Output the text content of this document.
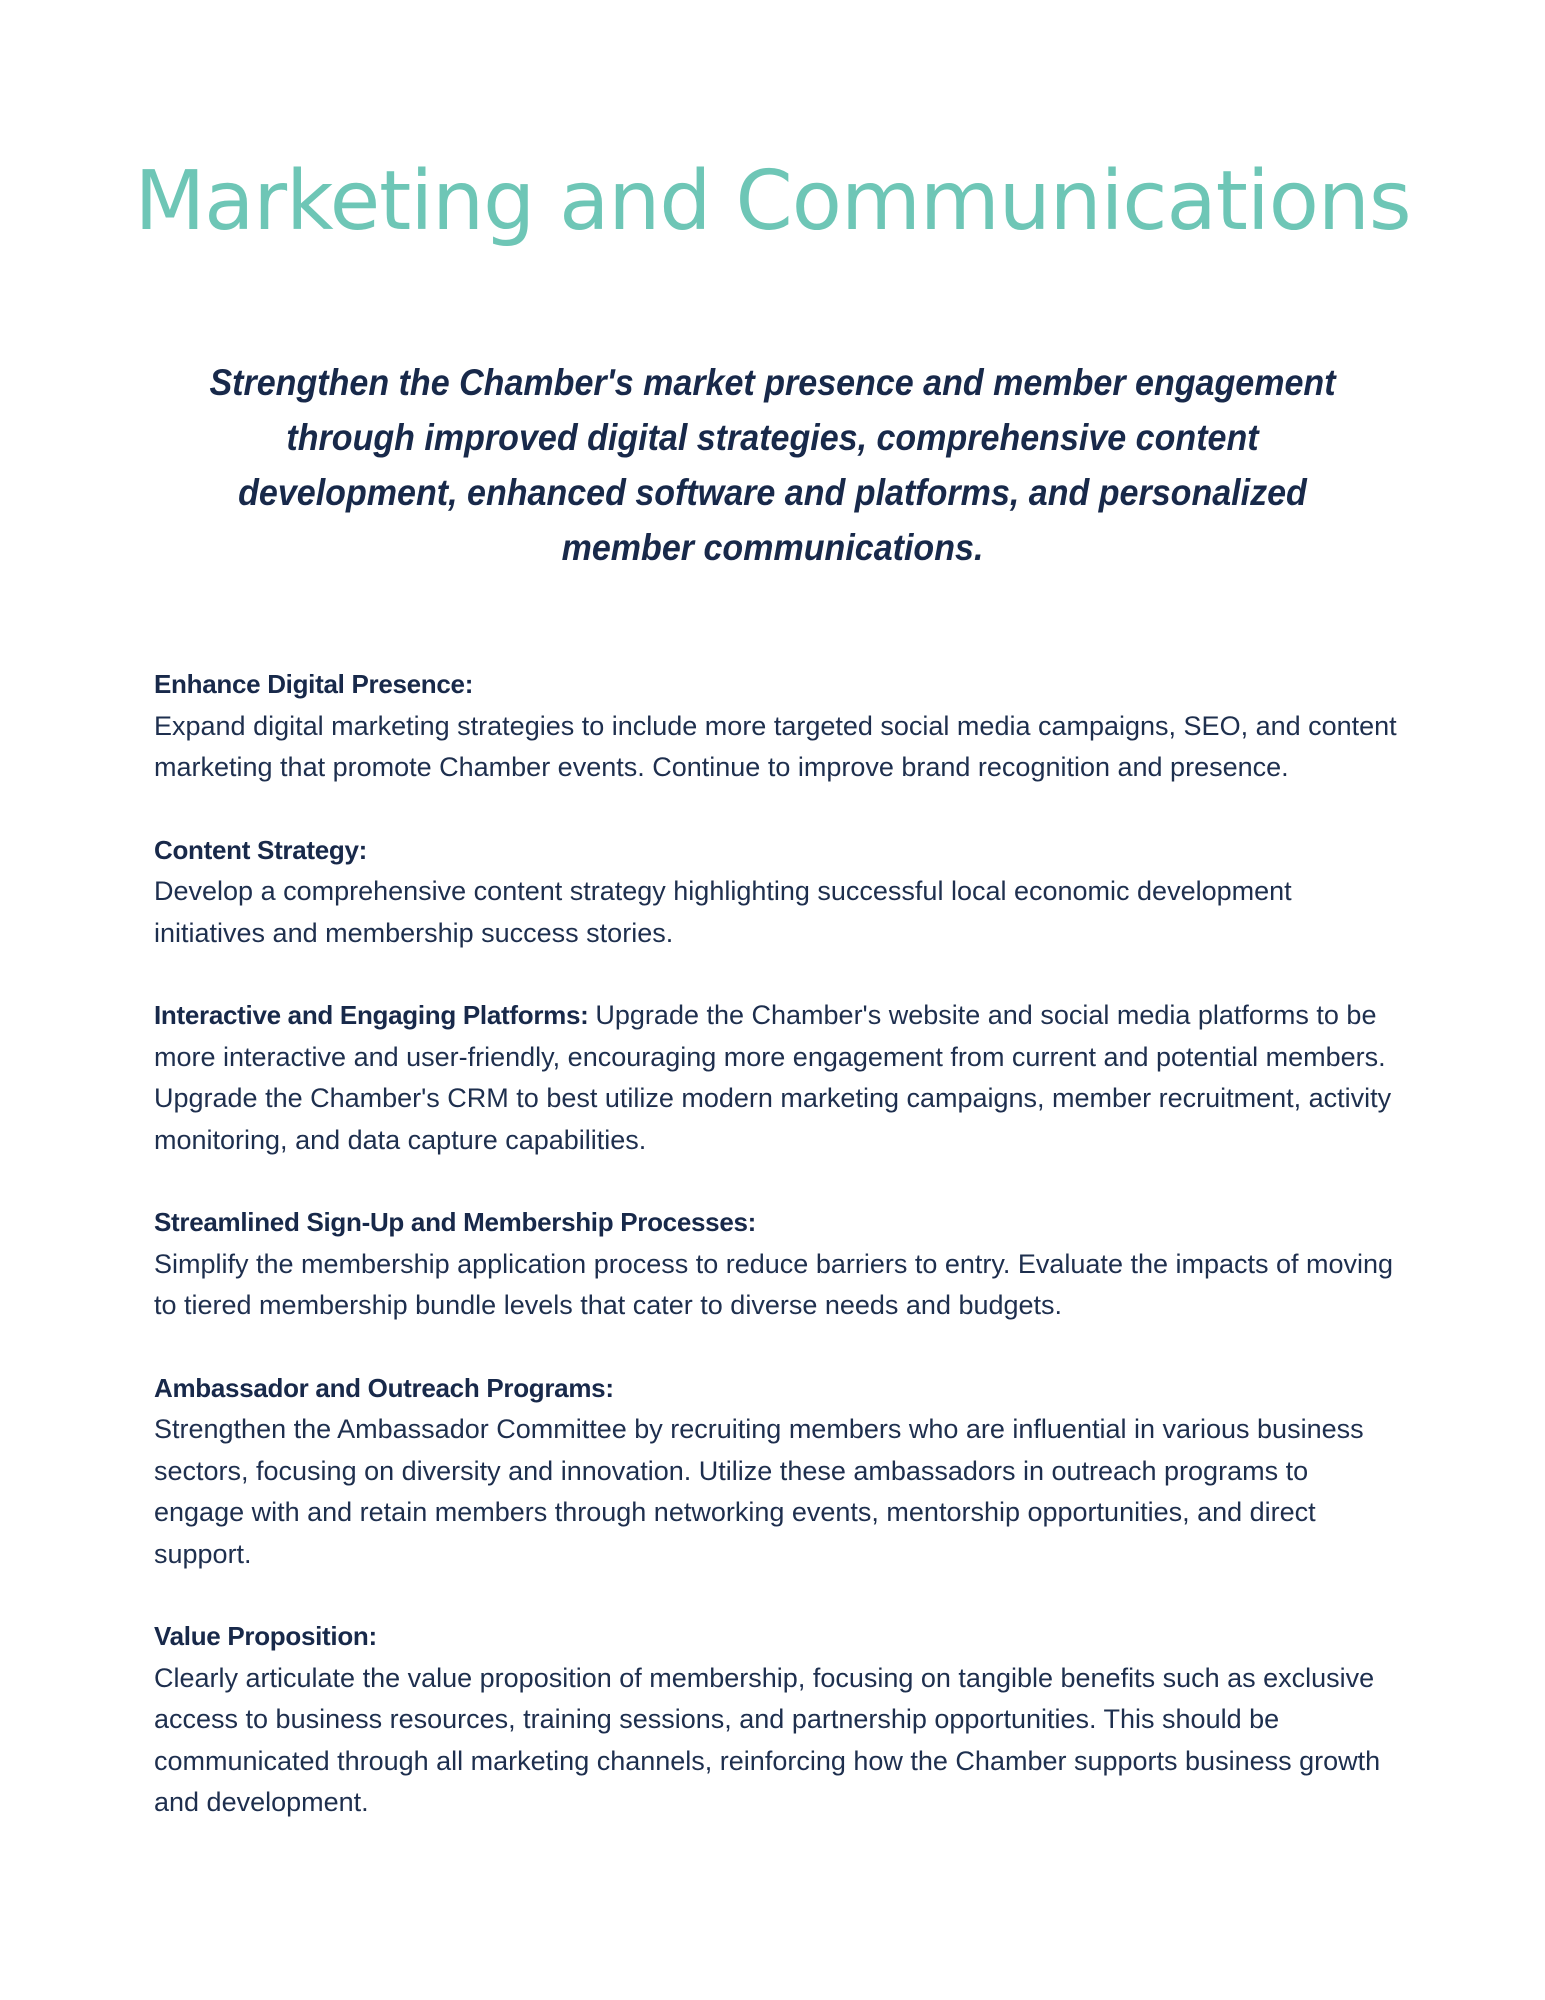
Marketing and Communications

Strengthen the Chamber's market presence and member engagement through improved digital strategies, comprehensive content development, enhanced software and platforms, and personalized member communications.

Enhance Digital Presence:
Expand digital marketing strategies to include more targeted social media campaigns, SEO, and content marketing that promote Chamber events. Continue to improve brand recognition and presence.
Content Strategy:
Develop a comprehensive content strategy highlighting successful local economic development initiatives and membership success stories.
Interactive and Engaging Platforms: Upgrade the Chamber's website and social media platforms to be more interactive and user-friendly, encouraging more engagement from current and potential members. Upgrade the Chamber's CRM to best utilize modern marketing campaigns, member recruitment, activity monitoring, and data capture capabilities.
Streamlined Sign-Up and Membership Processes:
Simplify the membership application process to reduce barriers to entry. Evaluate the impacts of moving to tiered membership bundle levels that cater to diverse needs and budgets.
Ambassador and Outreach Programs:
Strengthen the Ambassador Committee by recruiting members who are influential in various business sectors, focusing on diversity and innovation. Utilize these ambassadors in outreach programs to engage with and retain members through networking events, mentorship opportunities, and direct support.
Value Proposition:
Clearly articulate the value proposition of membership, focusing on tangible benefits such as exclusive access to business resources, training sessions, and partnership opportunities. This should be communicated through all marketing channels, reinforcing how the Chamber supports business growth and development.
